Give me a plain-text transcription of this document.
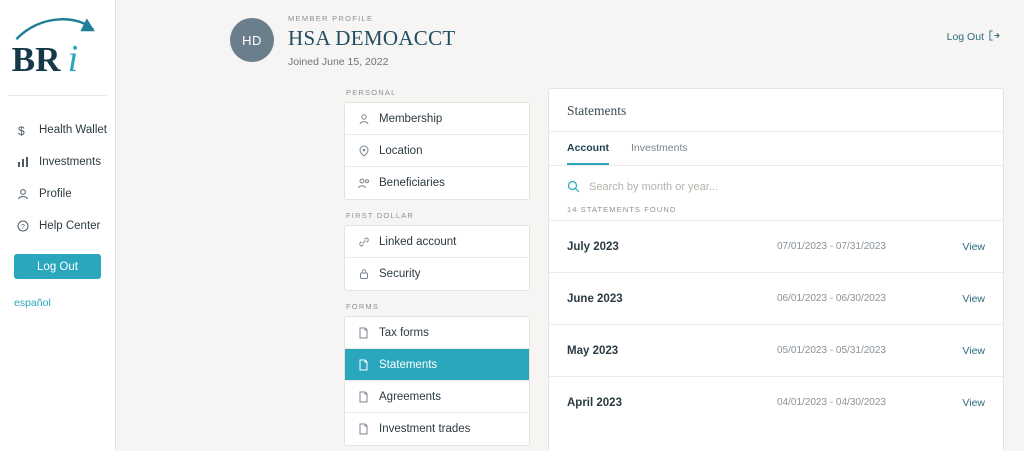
BR i
$ Health Wallet
Investments
Profile
? Help Center
Log Out
español
HD
MEMBER PROFILE
HSA DEMOACCT
Joined June 15, 2022
Log Out
PERSONAL
Membership
Location
Beneficiaries
FIRST DOLLAR
Linked account
Security
FORMS
Tax forms
Statements
Agreements
Investment trades
Statements
Account Investments
Search by month or year...
14 STATEMENTS FOUND
July 2023	07/01/2023 - 07/31/2023	View
June 2023	06/01/2023 - 06/30/2023	View
May 2023	05/01/2023 - 05/31/2023	View
April 2023	04/01/2023 - 04/30/2023	View
